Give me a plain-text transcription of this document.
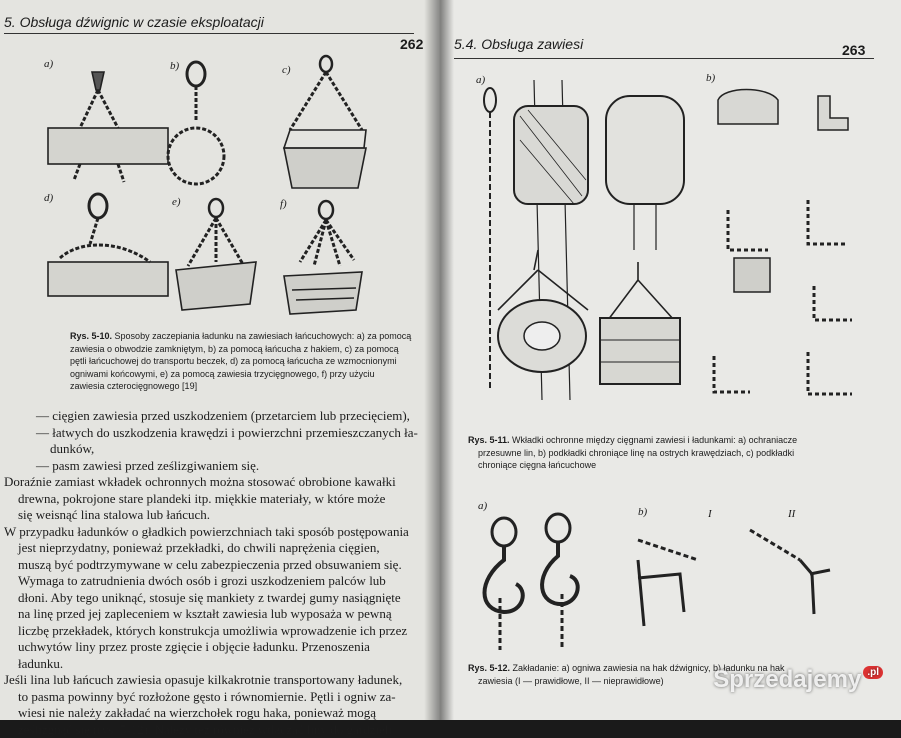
5. Obsługa dźwignic w czasie eksploatacji
262
a)	b)	c)
d)	e)	f)
Rys. 5-10. Sposoby zaczepiania ładunku na zawiesiach łańcuchowych: a) za pomocą
zawiesia o obwodzie zamkniętym, b) za pomocą łańcucha z hakiem, c) za pomocą
pętli łańcuchowej do transportu beczek, d) za pomocą łańcucha ze wzmocnionymi
ogniwami końcowymi, e) za pomocą zawiesia trzycięgnowego, f) przy użyciu
zawiesia czterocięgnowego [19]

— cięgien zawiesia przed uszkodzeniem (przetarciem lub przecięciem),

— łatwych do uszkodzenia krawędzi i powierzchni przemieszczanych ła-

dunków,

— pasm zawiesi przed ześlizgiwaniem się.

Doraźnie zamiast wkładek ochronnych można stosować obrobione kawałki

drewna, pokrojone stare plandeki itp. miękkie materiały, w które może

się weisnąć lina stalowa lub łańcuch.

W przypadku ładunków o gładkich powierzchniach taki sposób postępowania

jest nieprzydatny, ponieważ przekładki, do chwili naprężenia cięgien,

muszą być podtrzymywane w celu zabezpieczenia przed obsuwaniem się.

Wymaga to zatrudnienia dwóch osób i grozi uszkodzeniem palców lub

dłoni. Aby tego uniknąć, stosuje się mankiety z twardej gumy nasiągnięte

na linę przed jej zapleceniem w kształt zawiesia lub wyposaża w pewną

liczbę przekładek, których konstrukcja umożliwia wprowadzenie ich przez

uchwytów liny przez proste zgięcie i objęcie ładunku. Przenoszenia

ładunku.

Jeśli lina lub łańcuch zawiesia opasuje kilkakrotnie transportowany ładunek,

to pasma powinny być rozłożone gęsto i równomiernie. Pętli i ogniw za-

wiesi nie należy zakładać na wierzchołek rogu haka, ponieważ mogą

ześlizgnąć się (rys. 5-12). Należy też również wtłaczać liny do gardzieli

5.4. Obsługa zawiesi	263
a)	b)
Rys. 5-11. Wkładki ochronne między cięgnami zawiesi i ładunkami: a) ochraniacze
przesuwne lin, b) podkładki chroniące linę na ostrych krawędziach, c) podkładki
chroniące cięgna łańcuchowe
a)	b)	I	II
Rys. 5-12. Zakładanie: a) ogniwa zawiesia na hak dźwignicy, b) ładunku na hak
zawiesia (I — prawidłowe, II — nieprawidłowe)	Sprzedajemy .pl
